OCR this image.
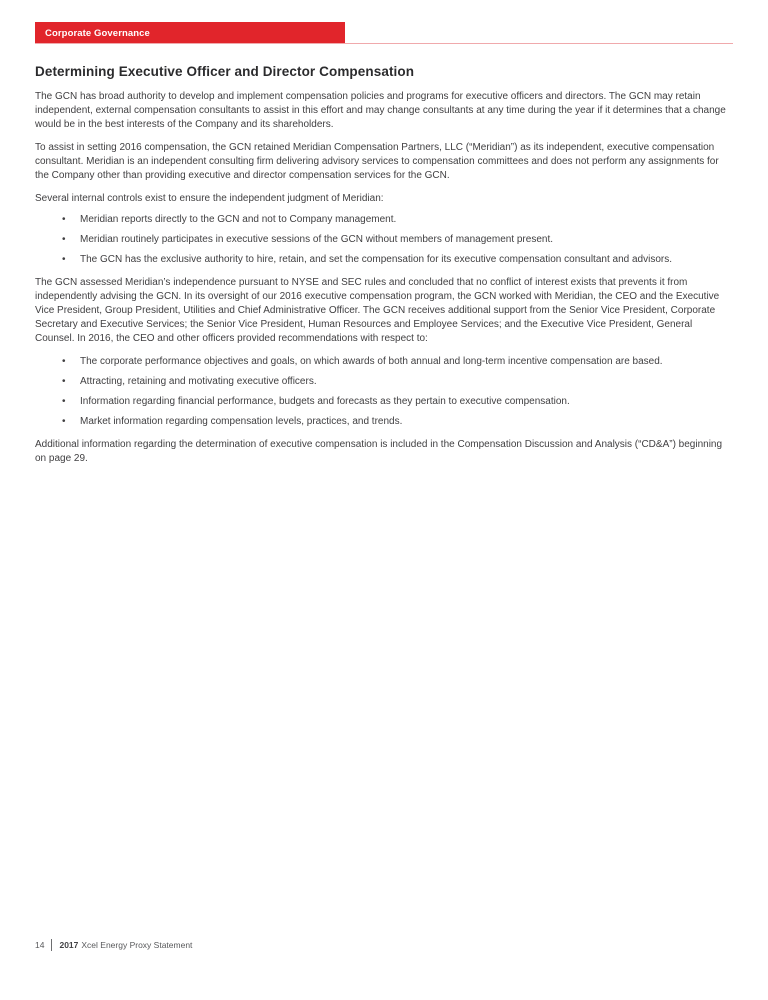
Corporate Governance
Determining Executive Officer and Director Compensation

The GCN has broad authority to develop and implement compensation policies and programs for executive officers and directors. The GCN may retain independent, external compensation consultants to assist in this effort and may change consultants at any time during the year if it determines that a change would be in the best interests of the Company and its shareholders.

To assist in setting 2016 compensation, the GCN retained Meridian Compensation Partners, LLC (“Meridian”) as its independent, executive compensation consultant. Meridian is an independent consulting firm delivering advisory services to compensation committees and does not perform any assignments for the Company other than providing executive and director compensation services for the GCN.

Several internal controls exist to ensure the independent judgment of Meridian:

• Meridian reports directly to the GCN and not to Company management.
• Meridian routinely participates in executive sessions of the GCN without members of management present.
• The GCN has the exclusive authority to hire, retain, and set the compensation for its executive compensation consultant and advisors.

The GCN assessed Meridian’s independence pursuant to NYSE and SEC rules and concluded that no conflict of interest exists that prevents it from independently advising the GCN. In its oversight of our 2016 executive compensation program, the GCN worked with Meridian, the CEO and the Executive Vice President, Group President, Utilities and Chief Administrative Officer. The GCN receives additional support from the Senior Vice President, Corporate Secretary and Executive Services; the Senior Vice President, Human Resources and Employee Services; and the Executive Vice President, General Counsel. In 2016, the CEO and other officers provided recommendations with respect to:

• The corporate performance objectives and goals, on which awards of both annual and long-term incentive compensation are based.
• Attracting, retaining and motivating executive officers.
• Information regarding financial performance, budgets and forecasts as they pertain to executive compensation.
• Market information regarding compensation levels, practices, and trends.

Additional information regarding the determination of executive compensation is included in the Compensation Discussion and Analysis (“CD&A”) beginning on page 29.

14 2017 Xcel Energy Proxy Statement
